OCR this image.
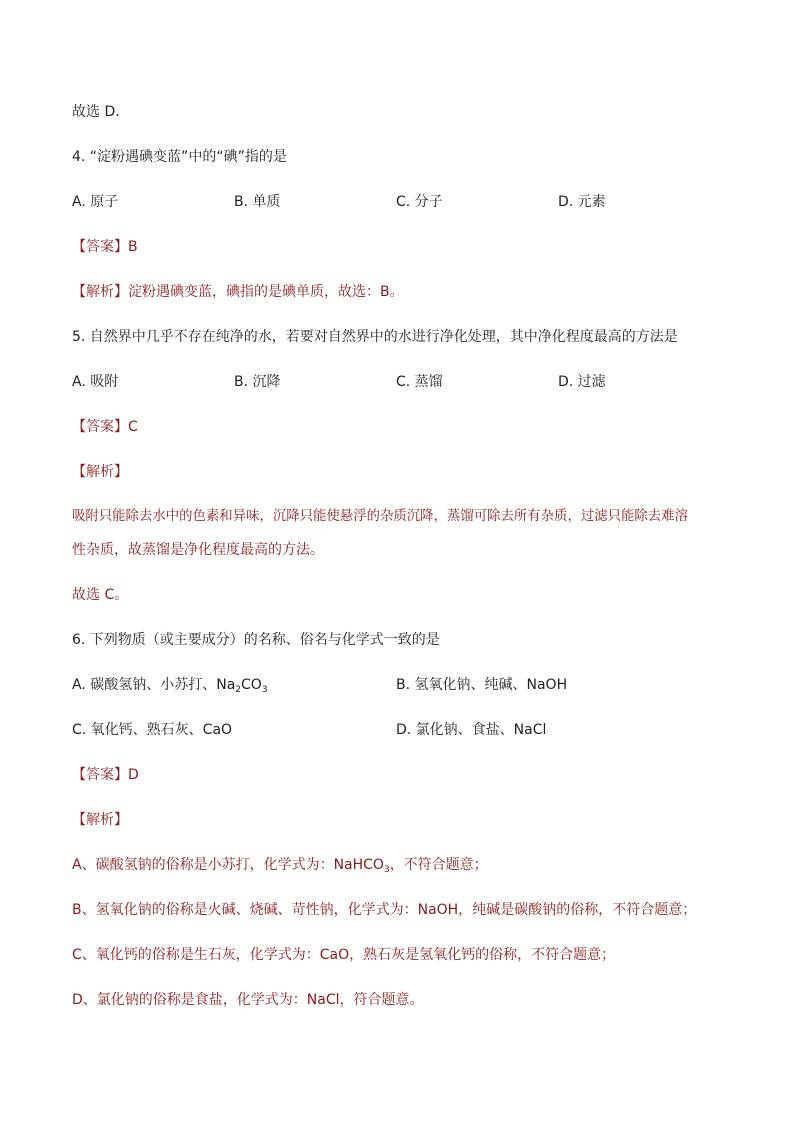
故选 D．
4. “淀粉遇碘变蓝”中的“碘”指的是
A. 原子	B. 单质	C. 分子	D. 元素
【答案】B
【解析】淀粉遇碘变蓝，碘指的是碘单质，故选：B。
5. 自然界中几乎不存在纯净的水，若要对自然界中的水进行净化处理，其中净化程度最高的方法是
A. 吸附	B. 沉降	C. 蒸馏	D. 过滤
【答案】C
【解析】
吸附只能除去水中的色素和异味，沉降只能使悬浮的杂质沉降，蒸馏可除去所有杂质，过滤只能除去难溶
性杂质，故蒸馏是净化程度最高的方法。
故选 C。
6. 下列物质（或主要成分）的名称、俗名与化学式一致的是
A. 碳酸氢钠、小苏打、$Na_2CO_3$	B. 氢氧化钠、纯碱、NaOH
C. 氧化钙、熟石灰、CaO	D. 氯化钠、食盐、NaCl
【答案】D
【解析】
A、碳酸氢钠的俗称是小苏打，化学式为：NaHCO$_3$，不符合题意；
B、氢氧化钠的俗称是火碱、烧碱、苛性钠，化学式为：NaOH，纯碱是碳酸钠的俗称，不符合题意；
C、氧化钙的俗称是生石灰，化学式为：CaO，熟石灰是氢氧化钙的俗称，不符合题意；
D、氯化钠的俗称是食盐，化学式为：NaCl，符合题意。
